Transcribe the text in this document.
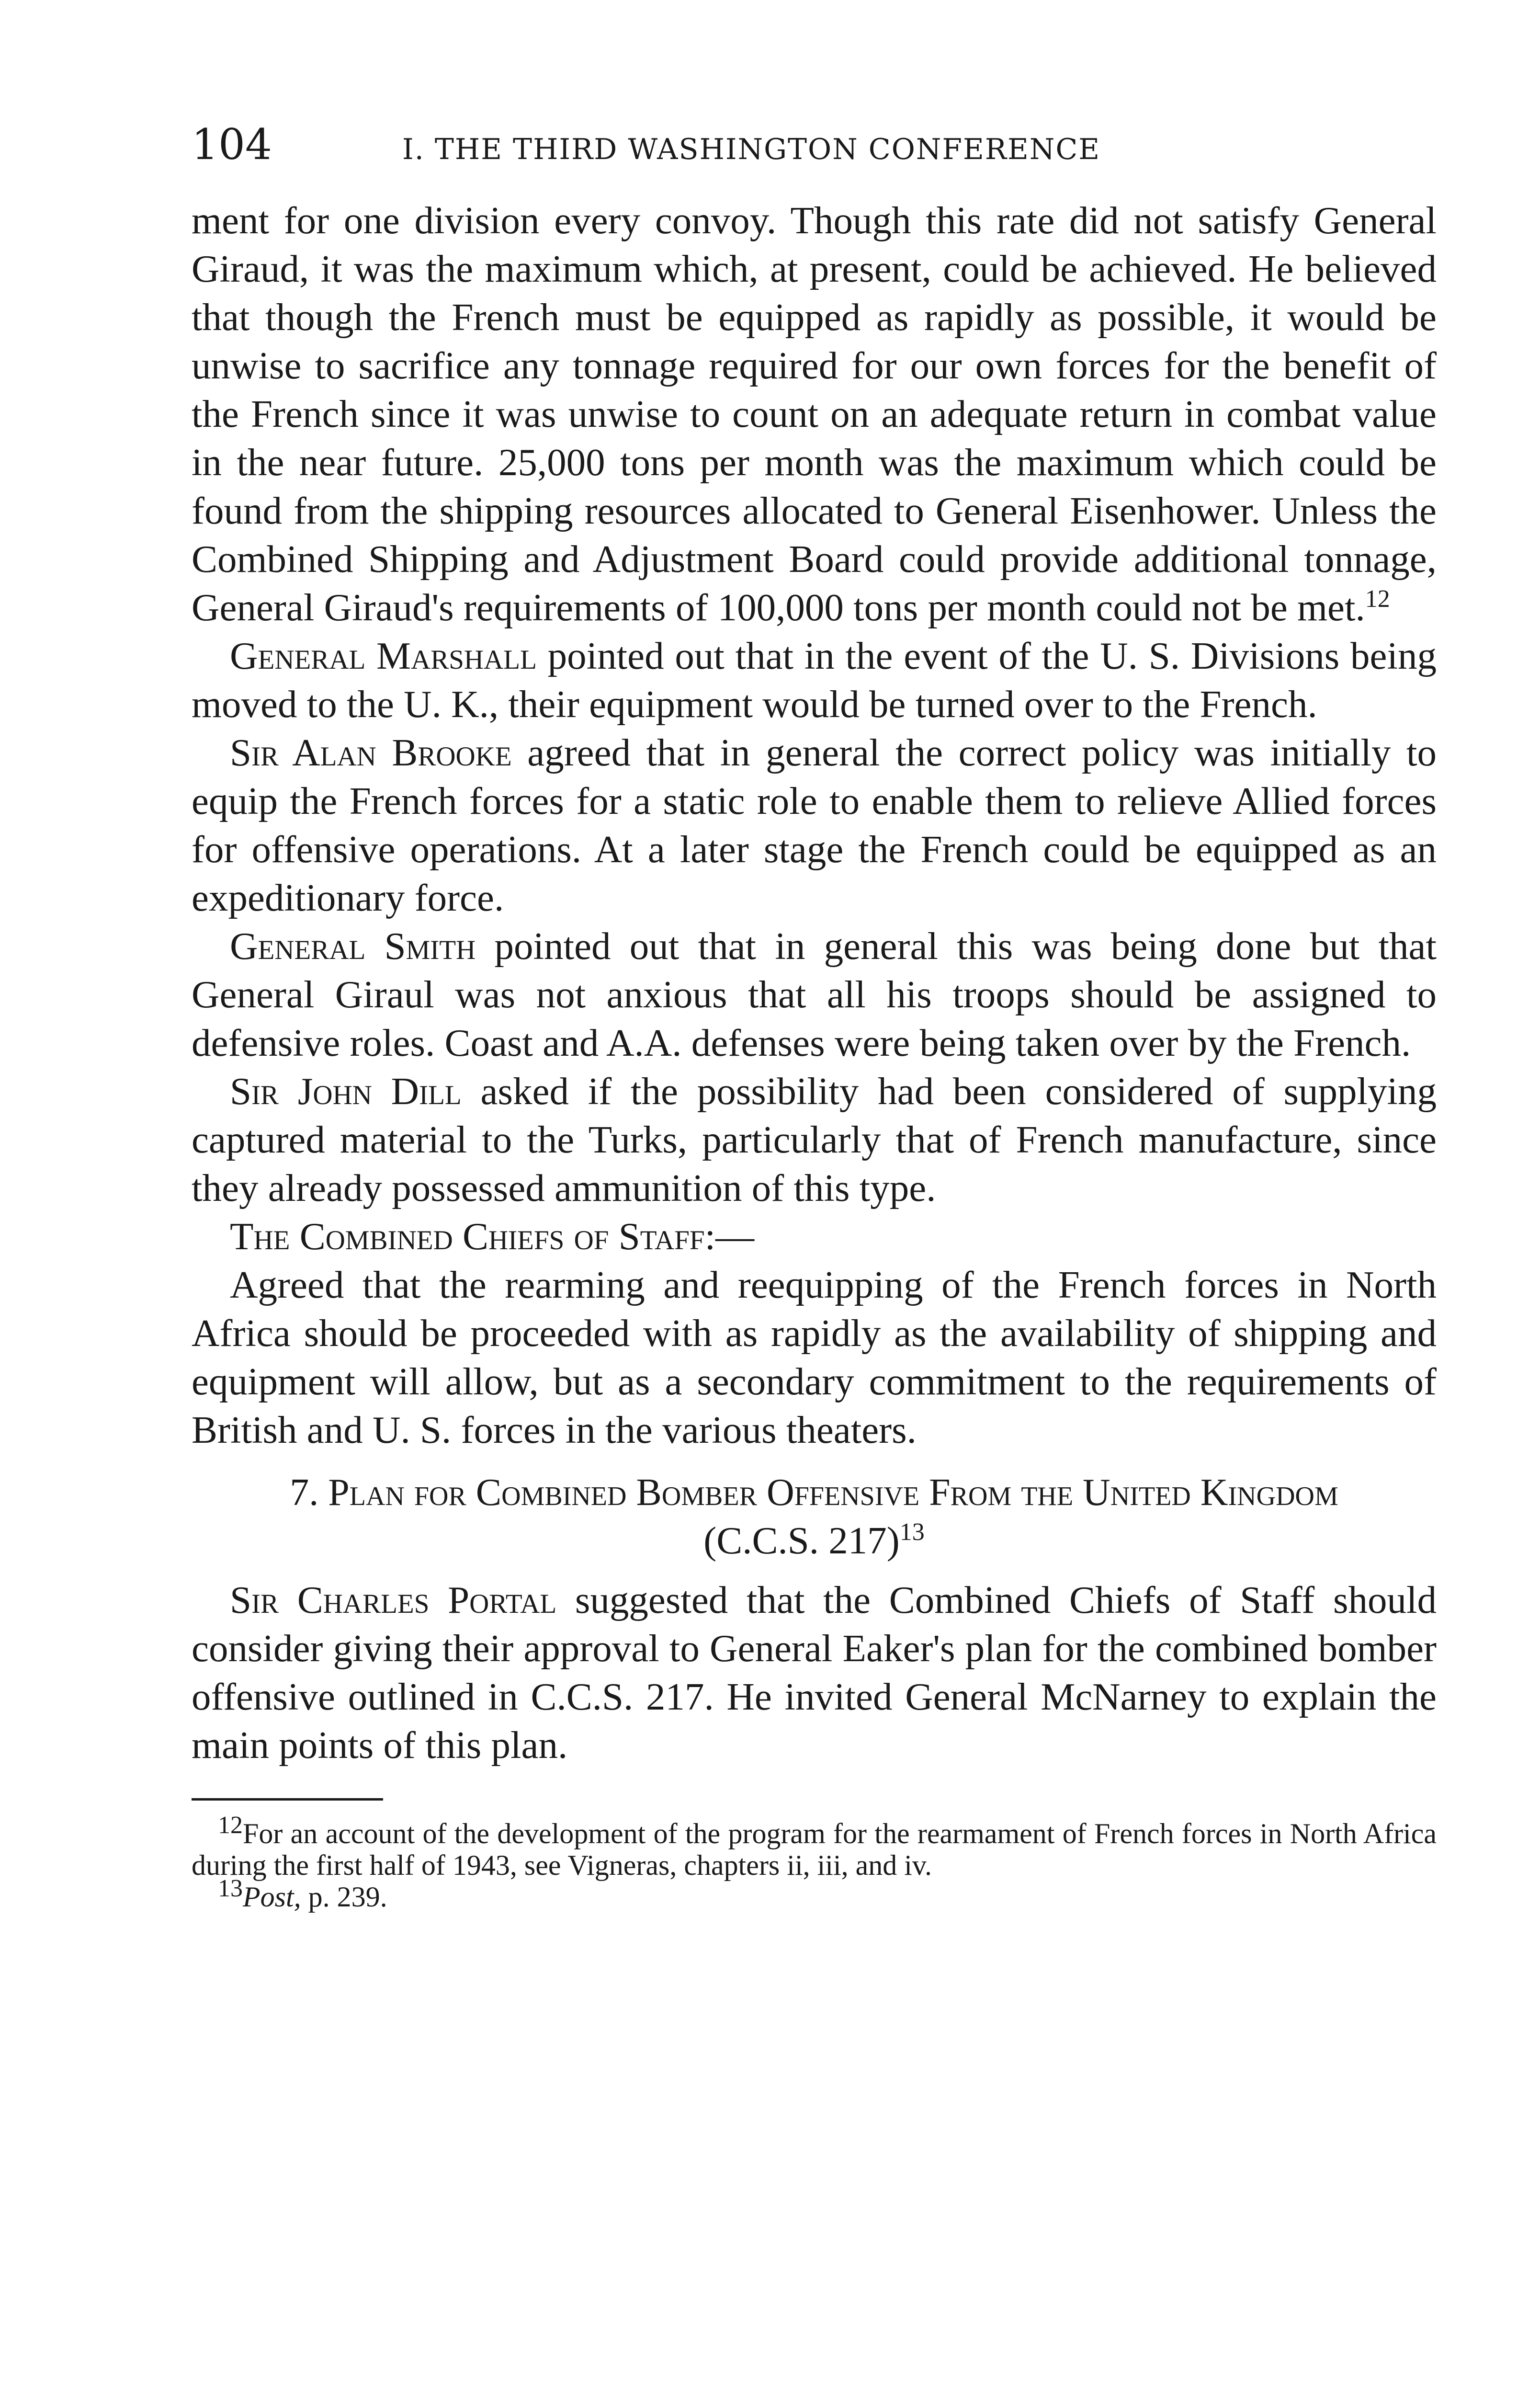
104	I. THE THIRD WASHINGTON CONFERENCE

ment for one division every convoy. Though this rate did not satisfy General Giraud, it was the maximum which, at present, could be achieved. He believed that though the French must be equipped as rapidly as possible, it would be unwise to sacrifice any tonnage required for our own forces for the benefit of the French since it was unwise to count on an adequate return in combat value in the near future. 25,000 tons per month was the maximum which could be found from the shipping resources allocated to General Eisenhower. Unless the Combined Shipping and Adjustment Board could provide additional tonnage, General Giraud's requirements of 100,000 tons per month could not be met.$^{12}$

General Marshall pointed out that in the event of the U. S. Divisions being moved to the U. K., their equipment would be turned over to the French.

Sir Alan Brooke agreed that in general the correct policy was initially to equip the French forces for a static role to enable them to relieve Allied forces for offensive operations. At a later stage the French could be equipped as an expeditionary force.

General Smith pointed out that in general this was being done but that General Giraul was not anxious that all his troops should be assigned to defensive roles. Coast and A.A. defenses were being taken over by the French.

Sir John Dill asked if the possibility had been considered of supplying captured material to the Turks, particularly that of French manufacture, since they already possessed ammunition of this type.

The Combined Chiefs of Staff:—

Agreed that the rearming and reequipping of the French forces in North Africa should be proceeded with as rapidly as the availability of shipping and equipment will allow, but as a secondary commitment to the requirements of British and U. S. forces in the various theaters.

7. Plan for Combined Bomber Offensive From the United Kingdom
(C.C.S. 217)$^{13}$

Sir Charles Portal suggested that the Combined Chiefs of Staff should consider giving their approval to General Eaker's plan for the combined bomber offensive outlined in C.C.S. 217. He invited General McNarney to explain the main points of this plan.

$^{12}$For an account of the development of the program for the rearmament of French forces in North Africa during the first half of 1943, see Vigneras, chapters ii, iii, and iv.

$^{13}$Post, p. 239.
